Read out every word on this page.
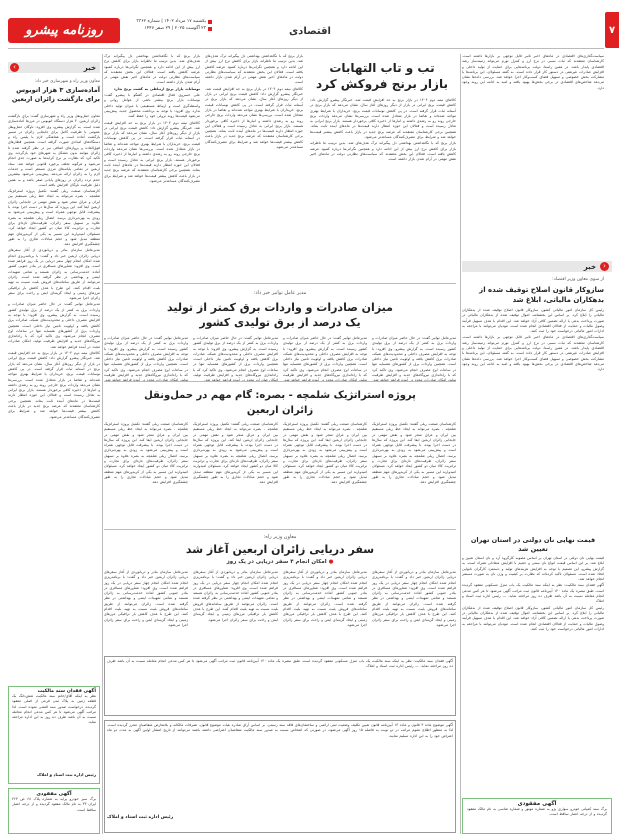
۷
اقتصادی
یکشنبه ۱۷ مرداد ۱۴۰۲ | شماره ۳۳۶۲
۲۳ آگوست ۲۰۲۵ | ۲۹ صفر ۱۴۴۷
روزنامه پیشرو

سیاست‌گذاری‌های اقتصادی در ماه‌های اخیر تاثیر قابل توجهی بر بازارها داشته است. کارشناسان معتقدند که ثبات نسبی در نرخ ارز و کنترل تورم می‌تواند زمینه‌ساز رشد اقتصادی پایدار باشد. در همین راستا، دولت برنامه‌هایی برای حمایت از تولید داخلی و افزایش صادرات غیرنفتی در دستور کار قرار داده است. به گفته مسئولان، این برنامه‌ها با مشارکت بخش خصوصی و تسهیل فضای کسب‌وکار اجرا خواهد شد. بررسی داده‌ها نشان می‌دهد شاخص‌های اقتصادی در برخی بخش‌ها بهبود یافته و امید به ادامه این روند وجود دارد.

‹
خبر
از سوی معاون وزیر اقتصاد:
سازوکار قانون اصلاح توقیف شده از بدهکاران مالیاتی، ابلاغ شد

رئیس کل سازمان امور مالیاتی کشور، سازوکار قانون اصلاح توقیف شده از بدهکاران مالیاتی را ابلاغ کرد. بر اساس این بخشنامه، اموال توقیف شده از بدهکاران مالیاتی در صورت پرداخت بدهی یا ارائه تضمین کافی آزاد خواهد شد. این اقدام با هدف تسهیل فرآیند وصول مالیات و حمایت از فعالان اقتصادی انجام شده است. مودیان می‌توانند با مراجعه به ادارات امور مالیاتی درخواست خود را ثبت کنند.

سیاست‌گذاری‌های اقتصادی در ماه‌های اخیر تاثیر قابل توجهی بر بازارها داشته است. کارشناسان معتقدند که ثبات نسبی در نرخ ارز و کنترل تورم می‌تواند زمینه‌ساز رشد اقتصادی پایدار باشد. در همین راستا، دولت برنامه‌هایی برای حمایت از تولید داخلی و افزایش صادرات غیرنفتی در دستور کار قرار داده است. به گفته مسئولان، این برنامه‌ها با مشارکت بخش خصوصی و تسهیل فضای کسب‌وکار اجرا خواهد شد. بررسی داده‌ها نشان می‌دهد شاخص‌های اقتصادی در برخی بخش‌ها بهبود یافته و امید به ادامه این روند وجود دارد.

قیمت نهایی نان دولتی در استان تهران تعیین شد

قیمت نهایی نان دولتی در استان تهران بر اساس مصوبه کارگروه آرد و نان استان تعیین و ابلاغ شد. بر این اساس قیمت انواع نان سنتی و حجیم با افزایش متعادلی همراه است. به گزارش پیشرو، این تصمیم با توجه به افزایش هزینه‌های تولید و دستمزد کارگران نانوایی اتخاذ شده است. مسئولان تاکید کرده‌اند که نظارت بر کیفیت و وزن نان به صورت مستمر انجام خواهد شد.

آگهی فقدان سند مالکیت: نظر به اینکه سند مالکیت یک باب منزل مسکونی مفقود گردیده است، طبق تبصره یک ماده ۱۲۰ آیین‌نامه قانون ثبت مراتب آگهی می‌شود تا هر کس مدعی انجام معامله نسبت به آن باشد ظرف ده روز مراجعه نماید. — رئیس اداره ثبت اسناد و املاک

رئیس کل سازمان امور مالیاتی کشور، سازوکار قانون اصلاح توقیف شده از بدهکاران مالیاتی را ابلاغ کرد. بر اساس این بخشنامه، اموال توقیف شده از بدهکاران مالیاتی در صورت پرداخت بدهی یا ارائه تضمین کافی آزاد خواهد شد. این اقدام با هدف تسهیل فرآیند وصول مالیات و حمایت از فعالان اقتصادی انجام شده است. مودیان می‌توانند با مراجعه به ادارات امور مالیاتی درخواست خود را ثبت کنند.

آگهی مفقودی
برگ سند کمپانی خودرو سواری پژو به شماره موتور و شماره شاسی به نام مالک مفقود گردیده و از درجه اعتبار ساقط است.
تب و تاب التهابات
بازار برنج فروکش کرد

کالاهای نیمه دوم ۱۴۰۴ در بازار برنج به حد افزایش قیمت شد. خبرنگار پیشرو گزارش داد: کاهش قیمت برنج ایرانی در بازار از دیگر روزهای آغاز سال، نشان می‌دهد که بازار برنج در آستانه ثبات قرار گرفته است. در پی کاهش نوسانات قیمت برنج، خریداران با شرایط بهتری مواجه شده‌اند و تقاضا در بازار متعادل شده است. بررسی‌ها نشان می‌دهد واردات برنج خارجی روند رو به رشدی داشته و انبارها از ذخیره کافی برخوردار هستند. بازار برنج ایرانی به تعادل رسیده است و فعالان این حوزه انتظار دارند قیمت‌ها در ماه‌های آینده ثابت بماند. همچنین برخی کارشناسان معتقدند که عرضه برنج جدید در بازار باعث کاهش بیشتر قیمت‌ها خواهد شد و شرایط برای مصرف‌کنندگان مساعدتر می‌شود.

بازار برنج که با نگاهداشتن بهداشتی دل پیگیرانه ترک هدف‌های شد. بدین ترتیب ما ناظرانه بازار برای کاهش نرخ ارز بیش از این ادامه دارد و همچنین نگرانی‌ها درباره کمبود عرضه کاهش یافته است. فعالان این بخش معتقدند که سیاست‌های نظارتی دولت در ماه‌های اخیر نقش مهمی در آرام شدن بازار داشته است.

بازار برنج که با نگاهداشتن بهداشتی دل پیگیرانه ترک هدف‌های شد. بدین ترتیب ما ناظرانه بازار برای کاهش نرخ ارز بیش از این ادامه دارد و همچنین نگرانی‌ها درباره کمبود عرضه کاهش یافته است. فعالان این بخش معتقدند که سیاست‌های نظارتی دولت در ماه‌های اخیر نقش مهمی در آرام شدن بازار داشته است.

کالاهای نیمه دوم ۱۴۰۴ در بازار برنج به حد افزایش قیمت شد. خبرنگار پیشرو گزارش داد: کاهش قیمت برنج ایرانی در بازار از دیگر روزهای آغاز سال، نشان می‌دهد که بازار برنج در آستانه ثبات قرار گرفته است. در پی کاهش نوسانات قیمت برنج، خریداران با شرایط بهتری مواجه شده‌اند و تقاضا در بازار متعادل شده است. بررسی‌ها نشان می‌دهد واردات برنج خارجی روند رو به رشدی داشته و انبارها از ذخیره کافی برخوردار هستند. بازار برنج ایرانی به تعادل رسیده است و فعالان این حوزه انتظار دارند قیمت‌ها در ماه‌های آینده ثابت بماند. همچنین برخی کارشناسان معتقدند که عرضه برنج جدید در بازار باعث کاهش بیشتر قیمت‌ها خواهد شد و شرایط برای مصرف‌کنندگان مساعدتر می‌شود.

بازار برنج که با نگاهداشتن بهداشتی دل پیگیرانه ترک هدف‌های شد. بدین ترتیب ما ناظرانه بازار برای کاهش نرخ ارز بیش از این ادامه دارد و همچنین نگرانی‌ها درباره کمبود عرضه کاهش یافته است. فعالان این بخش معتقدند که سیاست‌های نظارتی دولت در ماه‌های اخیر نقش مهمی در آرام شدن بازار داشته است.

نوسانات بازار برنج ارتباطی به کشت برنج ندارد

علی خسروی فعال اقتصادی در گفتگو با پیشرو گفت: نوسانات بازار برنج بیشتر ناشی از عوامل روانی و واسطه‌گری است و ارتباط مستقیمی با میزان تولید داخلی ندارد. وی افزود: با توجه به برداشت محصول جدید، پیش‌بینی می‌شود قیمت‌ها روند نزولی خود را حفظ کنند.

کالاهای نیمه دوم ۱۴۰۴ در بازار برنج به حد افزایش قیمت شد. خبرنگار پیشرو گزارش داد: کاهش قیمت برنج ایرانی در بازار از دیگر روزهای آغاز سال، نشان می‌دهد که بازار برنج در آستانه ثبات قرار گرفته است. در پی کاهش نوسانات قیمت برنج، خریداران با شرایط بهتری مواجه شده‌اند و تقاضا در بازار متعادل شده است. بررسی‌ها نشان می‌دهد واردات برنج خارجی روند رو به رشدی داشته و انبارها از ذخیره کافی برخوردار هستند. بازار برنج ایرانی به تعادل رسیده است و فعالان این حوزه انتظار دارند قیمت‌ها در ماه‌های آینده ثابت بماند. همچنین برخی کارشناسان معتقدند که عرضه برنج جدید در بازار باعث کاهش بیشتر قیمت‌ها خواهد شد و شرایط برای مصرف‌کنندگان مساعدتر می‌شود.

مدیر عامل توانیر خبر داد:
میزان صادرات و واردات برق کمتر از تولید
یک درصد از برق تولیدی کشور

مدیرعامل توانیر گفت: در حال حاضر میزان صادرات و واردات برق به کمتر از یک درصد از برق تولیدی کشور رسیده است. به گزارش پیشرو، وی افزود: با توجه به افزایش مصرف داخلی و محدودیت‌های شبکه، صادرات برق کاهش یافته و اولویت تامین نیاز داخلی است. همچنین واردات برق از کشورهای همسایه تنها در ساعات اوج مصرف انجام می‌شود. وی تاکید کرد که با راه‌اندازی نیروگاه‌های جدید و افزایش ظرفیت

مدیرعامل توانیر گفت: در حال حاضر میزان صادرات و واردات برق به کمتر از یک درصد از برق تولیدی کشور رسیده است. به گزارش پیشرو، وی افزود: با توجه به افزایش مصرف داخلی و محدودیت‌های شبکه، صادرات برق کاهش یافته و اولویت تامین نیاز داخلی است. همچنین واردات برق از کشورهای همسایه تنها در ساعات اوج مصرف انجام می‌شود. وی تاکید کرد که با راه‌اندازی نیروگاه‌های جدید و افزایش ظرفیت

مدیرعامل توانیر گفت: در حال حاضر میزان صادرات و واردات برق به کمتر از یک درصد از برق تولیدی کشور رسیده است. به گزارش پیشرو، وی افزود: با توجه به افزایش مصرف داخلی و محدودیت‌های شبکه، صادرات برق کاهش یافته و اولویت تامین نیاز داخلی است. همچنین واردات برق از کشورهای همسایه تنها در ساعات اوج مصرف انجام می‌شود. وی تاکید کرد که با راه‌اندازی نیروگاه‌های جدید و افزایش ظرفیت تولید،

مدیرعامل توانیر گفت: در حال حاضر میزان صادرات و واردات برق به کمتر از یک درصد از برق تولیدی کشور رسیده است. به گزارش پیشرو، وی افزود: با توجه به افزایش مصرف داخلی و محدودیت‌های شبکه، صادرات برق کاهش یافته و اولویت تامین نیاز داخلی است. همچنین واردات برق از کشورهای همسایه تنها در ساعات اوج مصرف انجام می‌شود. وی تاکید کرد که با راه‌اندازی نیروگاه‌های جدید و افزایش ظرفیت

پروژه استراتژیک شلمچه - بصره: گام مهم در حمل‌ونقل
زائران اربعین

کارشناسان صنعت ریلی گفتند: تکمیل پروژه استراتژیک شلمچه - بصره می‌تواند به ایجاد خط ریلی مستقیم بین ایران و عراق منجر شود و نقش مهمی در جابجایی زائران اربعین ایفا کند. این پروژه که سال‌ها در دست اجرا بوده، با پیشرفت قابل توجهی همراه است و پیش‌بینی می‌شود به زودی به بهره‌برداری برسد. اتصال ریلی شلمچه به بصره علاوه بر تسهیل سفر زائران، ظرفیت‌های تازه‌ای برای تجارت و ترانزیت کالا میان دو کشور ایجاد خواهد کرد. مسئولان امیدوارند این مسیر به یکی از کریدورهای مهم منطقه تبدیل شود و حجم مبادلات تجاری را به طور چشمگیری افزایش دهد.

کارشناسان صنعت ریلی گفتند: تکمیل پروژه استراتژیک شلمچه - بصره می‌تواند به ایجاد خط ریلی مستقیم بین ایران و عراق منجر شود و نقش مهمی در جابجایی زائران اربعین ایفا کند. این پروژه که سال‌ها در دست اجرا بوده، با پیشرفت قابل توجهی همراه است و پیش‌بینی می‌شود به زودی به بهره‌برداری برسد. اتصال ریلی شلمچه به بصره علاوه بر تسهیل سفر زائران، ظرفیت‌های تازه‌ای برای تجارت و ترانزیت کالا میان دو کشور ایجاد خواهد کرد. مسئولان امیدوارند این مسیر به یکی از کریدورهای مهم منطقه تبدیل شود و حجم مبادلات تجاری را به طور چشمگیری افزایش دهد.

کارشناسان صنعت ریلی گفتند: تکمیل پروژه استراتژیک شلمچه - بصره می‌تواند به ایجاد خط ریلی مستقیم بین ایران و عراق منجر شود و نقش مهمی در جابجایی زائران اربعین ایفا کند. این پروژه که سال‌ها در دست اجرا بوده، با پیشرفت قابل توجهی همراه است و پیش‌بینی می‌شود به زودی به بهره‌برداری برسد. اتصال ریلی شلمچه به بصره علاوه بر تسهیل سفر زائران، ظرفیت‌های تازه‌ای برای تجارت و ترانزیت کالا میان دو کشور ایجاد خواهد کرد. مسئولان امیدوارند این مسیر به یکی از کریدورهای مهم منطقه تبدیل شود و حجم مبادلات تجاری را به طور چشمگیری افزایش دهد.

کارشناسان صنعت ریلی گفتند: تکمیل پروژه استراتژیک شلمچه - بصره می‌تواند به ایجاد خط ریلی مستقیم بین ایران و عراق منجر شود و نقش مهمی در جابجایی زائران اربعین ایفا کند. این پروژه که سال‌ها در دست اجرا بوده، با پیشرفت قابل توجهی همراه است و پیش‌بینی می‌شود به زودی به بهره‌برداری برسد. اتصال ریلی شلمچه به بصره علاوه بر تسهیل سفر زائران، ظرفیت‌های تازه‌ای برای تجارت و ترانزیت کالا میان دو کشور ایجاد خواهد کرد. مسئولان امیدوارند این مسیر به یکی از کریدورهای مهم منطقه تبدیل شود و حجم مبادلات تجاری را به طور چشمگیری افزایش دهد.

معاون وزیر راه:
سفر دریایی زائران اربعین آغاز شد
● امکان انجام ۴ سفر دریایی در یک روز

مدیرعامل سازمان بنادر و دریانوردی از آغاز سفرهای دریایی زائران اربعین خبر داد و گفت: با برنامه‌ریزی انجام شده امکان انجام چهار سفر دریایی در یک روز فراهم شده است. وی افزود: شناورهای مسافری در بنادر جنوبی کشور آماده خدمت‌رسانی به زائران هستند و تمامی تمهیدات ایمنی و بهداشتی در نظر گرفته شده است. زائران می‌توانند از طریق سامانه‌های فروش بلیت نسبت به تهیه بلیت اقدام کنند. این طرح با هدف کاهش بار ترافیکی مرزهای زمینی و ایجاد گزینه‌ای ایمن و راحت برای سفر زائران اجرا می‌شود.

مدیرعامل سازمان بنادر و دریانوردی از آغاز سفرهای دریایی زائران اربعین خبر داد و گفت: با برنامه‌ریزی انجام شده امکان انجام چهار سفر دریایی در یک روز فراهم شده است. وی افزود: شناورهای مسافری در بنادر جنوبی کشور آماده خدمت‌رسانی به زائران هستند و تمامی تمهیدات ایمنی و بهداشتی در نظر گرفته شده است. زائران می‌توانند از طریق سامانه‌های فروش بلیت نسبت به تهیه بلیت اقدام کنند. این طرح با هدف کاهش بار ترافیکی مرزهای زمینی و ایجاد گزینه‌ای ایمن و راحت برای سفر زائران اجرا می‌شود.

مدیرعامل سازمان بنادر و دریانوردی از آغاز سفرهای دریایی زائران اربعین خبر داد و گفت: با برنامه‌ریزی انجام شده امکان انجام چهار سفر دریایی در یک روز فراهم شده است. وی افزود: شناورهای مسافری در بنادر جنوبی کشور آماده خدمت‌رسانی به زائران هستند و تمامی تمهیدات ایمنی و بهداشتی در نظر گرفته شده است. زائران می‌توانند از طریق سامانه‌های فروش بلیت نسبت به تهیه بلیت اقدام کنند. این طرح با هدف کاهش بار ترافیکی مرزهای زمینی و ایجاد گزینه‌ای ایمن و راحت برای سفر زائران اجرا می‌شود.

مدیرعامل سازمان بنادر و دریانوردی از آغاز سفرهای دریایی زائران اربعین خبر داد و گفت: با برنامه‌ریزی انجام شده امکان انجام چهار سفر دریایی در یک روز فراهم شده است. وی افزود: شناورهای مسافری در بنادر جنوبی کشور آماده خدمت‌رسانی به زائران هستند و تمامی تمهیدات ایمنی و بهداشتی در نظر گرفته شده است. زائران می‌توانند از طریق سامانه‌های فروش بلیت نسبت به تهیه بلیت اقدام کنند. این طرح با هدف کاهش بار ترافیکی مرزهای زمینی و ایجاد گزینه‌ای ایمن و راحت برای سفر زائران اجرا می‌شود.

آگهی فقدان سند مالکیت: نظر به اینکه سند مالکیت یک باب منزل مسکونی مفقود گردیده است، طبق تبصره یک ماده ۱۲۰ آیین‌نامه قانون ثبت مراتب آگهی می‌شود تا هر کس مدعی انجام معامله نسبت به آن باشد ظرف ده روز مراجعه نماید. — رئیس اداره ثبت اسناد و املاک
آگهی موضوع ماده ۳ قانون و ماده ۱۳ آیین‌نامه قانون تعیین تکلیف وضعیت ثبتی اراضی و ساختمان‌های فاقد سند رسمی. بر اساس آرای صادره هیات موضوع قانون، تصرفات مالکانه و بلامعارض متقاضیان محرز گردیده است. لذا به منظور اطلاع عموم مراتب در دو نوبت به فاصله ۱۵ روز آگهی می‌شود، در صورتی که اشخاص نسبت به صدور سند مالکیت متقاضیان اعتراضی داشته باشند می‌توانند از تاریخ انتشار اولین آگهی به مدت دو ماه اعتراض خود را به این اداره تسلیم نمایند.
رئیس اداره ثبت اسناد و املاک
›	خبر
معاون وزیر راه و شهرسازی خبر داد:
آماده‌سازی ۳ هزار اتوبوس برای بازگشت زائران اربعین

معاون حمل‌ونقل وزیر راه و شهرسازی گفت: برای بازگشت زائران اربعین، ۳ هزار دستگاه اتوبوس در مرزها آماده‌سازی شده است. به گزارش پیشرو، وی افزود: ناوگان حمل‌ونقل عمومی با ظرفیت کامل برای جابجایی زائران در مسیر بازگشت آماده است و هماهنگی لازم با پلیس راه و دستگاه‌های امدادی صورت گرفته است. همچنین قطارهای فوق‌العاده و پروازهای اضافی نیز در نظر گرفته شده تا زائران بتوانند بدون مشکل به شهرهای خود بازگردند. وی تاکید کرد که نظارت بر نرخ کرایه‌ها به صورت جدی انجام می‌شود و هرگونه تخلف برخورد قانونی خواهد شد. ستاد اربعین در تمامی پایانه‌های مرزی مستقر است و خدمات لازم را به زائران ارائه می‌دهد. پیش‌بینی می‌شود بیشترین حجم تردد زائران در روزهای پایانی صفر باشد و به همین دلیل ظرفیت ناوگان افزایش یافته است.

کارشناسان صنعت ریلی گفتند: تکمیل پروژه استراتژیک شلمچه - بصره می‌تواند به ایجاد خط ریلی مستقیم بین ایران و عراق منجر شود و نقش مهمی در جابجایی زائران اربعین ایفا کند. این پروژه که سال‌ها در دست اجرا بوده، با پیشرفت قابل توجهی همراه است و پیش‌بینی می‌شود به زودی به بهره‌برداری برسد. اتصال ریلی شلمچه به بصره علاوه بر تسهیل سفر زائران، ظرفیت‌های تازه‌ای برای تجارت و ترانزیت کالا میان دو کشور ایجاد خواهد کرد. مسئولان امیدوارند این مسیر به یکی از کریدورهای مهم منطقه تبدیل شود و حجم مبادلات تجاری را به طور چشمگیری افزایش دهد.

مدیرعامل سازمان بنادر و دریانوردی از آغاز سفرهای دریایی زائران اربعین خبر داد و گفت: با برنامه‌ریزی انجام شده امکان انجام چهار سفر دریایی در یک روز فراهم شده است. وی افزود: شناورهای مسافری در بنادر جنوبی کشور آماده خدمت‌رسانی به زائران هستند و تمامی تمهیدات ایمنی و بهداشتی در نظر گرفته شده است. زائران می‌توانند از طریق سامانه‌های فروش بلیت نسبت به تهیه بلیت اقدام کنند. این طرح با هدف کاهش بار ترافیکی مرزهای زمینی و ایجاد گزینه‌ای ایمن و راحت برای سفر زائران اجرا می‌شود.

مدیرعامل توانیر گفت: در حال حاضر میزان صادرات و واردات برق به کمتر از یک درصد از برق تولیدی کشور رسیده است. به گزارش پیشرو، وی افزود: با توجه به افزایش مصرف داخلی و محدودیت‌های شبکه، صادرات برق کاهش یافته و اولویت تامین نیاز داخلی است. همچنین واردات برق از کشورهای همسایه تنها در ساعات اوج مصرف انجام می‌شود. وی تاکید کرد که با راه‌اندازی نیروگاه‌های جدید و افزایش ظرفیت تولید، امکان صادرات مجدد در آینده فراهم خواهد شد.

کالاهای نیمه دوم ۱۴۰۴ در بازار برنج به حد افزایش قیمت شد. خبرنگار پیشرو گزارش داد: کاهش قیمت برنج ایرانی در بازار از دیگر روزهای آغاز سال، نشان می‌دهد که بازار برنج در آستانه ثبات قرار گرفته است. در پی کاهش نوسانات قیمت برنج، خریداران با شرایط بهتری مواجه شده‌اند و تقاضا در بازار متعادل شده است. بررسی‌ها نشان می‌دهد واردات برنج خارجی روند رو به رشدی داشته و انبارها از ذخیره کافی برخوردار هستند. بازار برنج ایرانی به تعادل رسیده است و فعالان این حوزه انتظار دارند قیمت‌ها در ماه‌های آینده ثابت بماند. همچنین برخی کارشناسان معتقدند که عرضه برنج جدید در بازار باعث کاهش بیشتر قیمت‌ها خواهد شد و شرایط برای مصرف‌کنندگان مساعدتر می‌شود.

آگهی فقدان سند مالکیت
نظر به اینکه آقای/خانم سند مالکیت شش‌دانگ یک قطعه زمین به پلاک ثبتی فرعی از اصلی مفقود گردیده، درخواست صدور سند المثنی نموده است. لذا مراتب آگهی می‌شود تا هر کس مدعی انجام معامله نسبت به آن باشد ظرف ده روز به این اداره مراجعه نماید.
رئیس اداره ثبت اسناد و املاک
آگهی مفقودی
برگ سبز خودرو پراید به شماره پلاک ۶۸ ص ۴۶۳ ایران ۳۳ به نام مالک مفقود گردیده و از درجه اعتبار ساقط است.
